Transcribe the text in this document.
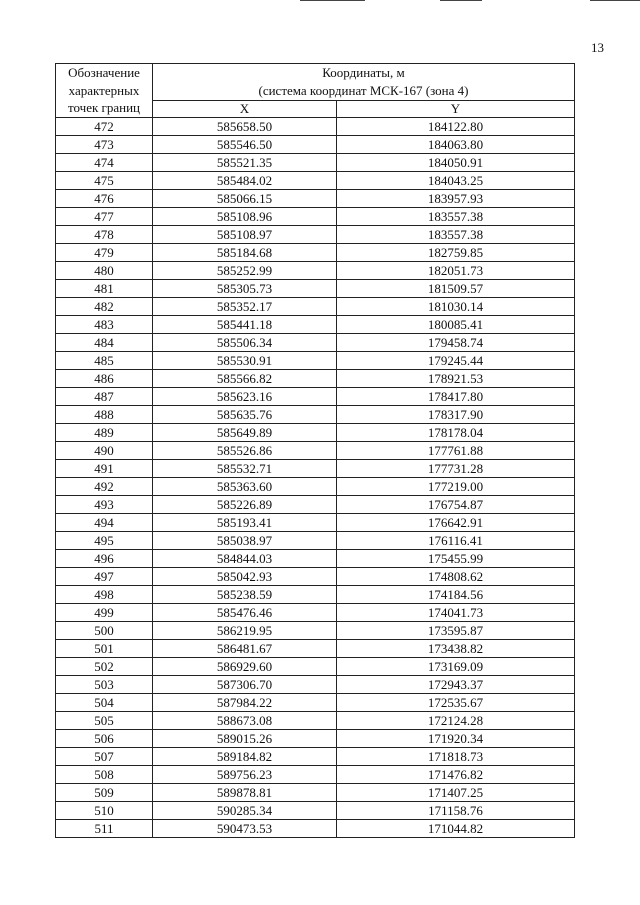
13
Обозначение
характерных
точек границ	Координаты, м
(система координат МСК-167 (зона 4)	

	X	Y
472	585658.50	184122.80
473	585546.50	184063.80
474	585521.35	184050.91
475	585484.02	184043.25
476	585066.15	183957.93
477	585108.96	183557.38
478	585108.97	183557.38
479	585184.68	182759.85
480	585252.99	182051.73
481	585305.73	181509.57
482	585352.17	181030.14
483	585441.18	180085.41
484	585506.34	179458.74
485	585530.91	179245.44
486	585566.82	178921.53
487	585623.16	178417.80
488	585635.76	178317.90
489	585649.89	178178.04
490	585526.86	177761.88
491	585532.71	177731.28
492	585363.60	177219.00
493	585226.89	176754.87
494	585193.41	176642.91
495	585038.97	176116.41
496	584844.03	175455.99
497	585042.93	174808.62
498	585238.59	174184.56
499	585476.46	174041.73
500	586219.95	173595.87
501	586481.67	173438.82
502	586929.60	173169.09
503	587306.70	172943.37
504	587984.22	172535.67
505	588673.08	172124.28
506	589015.26	171920.34
507	589184.82	171818.73
508	589756.23	171476.82
509	589878.81	171407.25
510	590285.34	171158.76
511	590473.53	171044.82
